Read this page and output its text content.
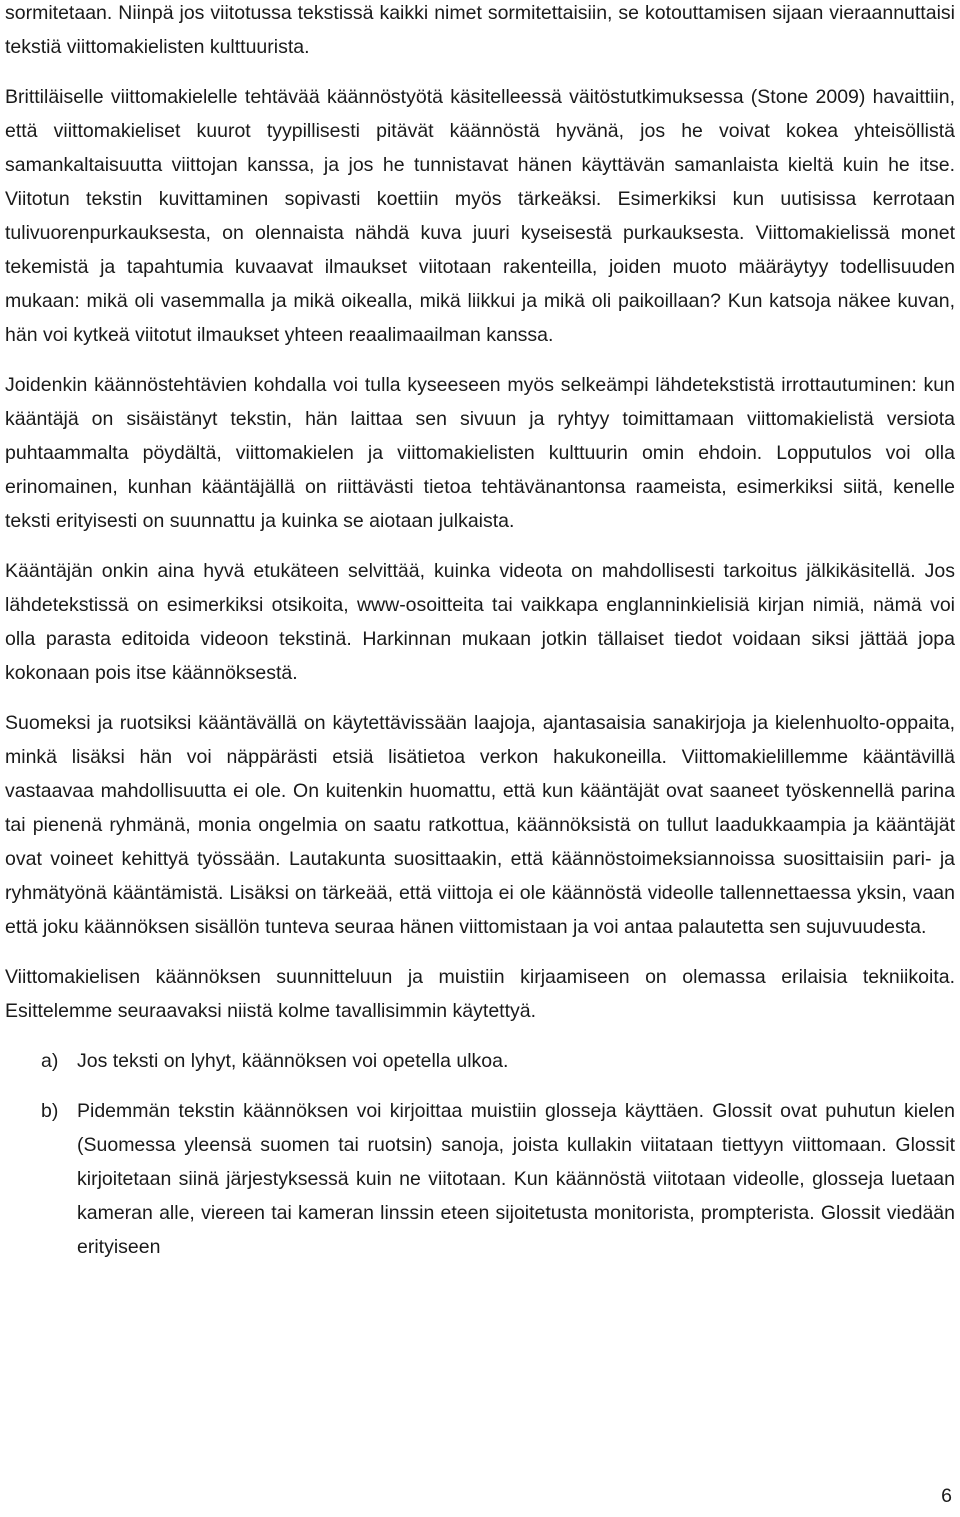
sormitetaan. Niinpä jos viitotussa tekstissä kaikki nimet sormitettaisiin, se kotouttamisen sijaan vieraannuttaisi tekstiä viittomakielisten kulttuurista.

Brittiläiselle viittomakielelle tehtävää käännöstyötä käsitelleessä väitöstutkimuksessa (Stone 2009) havaittiin, että viittomakieliset kuurot tyypillisesti pitävät käännöstä hyvänä, jos he voivat kokea yhteisöllistä samankaltaisuutta viittojan kanssa, ja jos he tunnistavat hänen käyttävän samanlaista kieltä kuin he itse. Viitotun tekstin kuvittaminen sopivasti koettiin myös tärkeäksi. Esimerkiksi kun uutisissa kerrotaan tulivuorenpurkauksesta, on olennaista nähdä kuva juuri kyseisestä purkauksesta. Viittomakielissä monet tekemistä ja tapahtumia kuvaavat ilmaukset viitotaan rakenteilla, joiden muoto määräytyy todellisuuden mukaan: mikä oli vasemmalla ja mikä oikealla, mikä liikkui ja mikä oli paikoillaan? Kun katsoja näkee kuvan, hän voi kytkeä viitotut ilmaukset yhteen reaalimaailman kanssa.

Joidenkin käännöstehtävien kohdalla voi tulla kyseeseen myös selkeämpi lähdetekstistä irrottautuminen: kun kääntäjä on sisäistänyt tekstin, hän laittaa sen sivuun ja ryhtyy toimittamaan viittomakielistä versiota puhtaammalta pöydältä, viittomakielen ja viittomakielisten kulttuurin omin ehdoin. Lopputulos voi olla erinomainen, kunhan kääntäjällä on riittävästi tietoa tehtävänantonsa raameista, esimerkiksi siitä, kenelle teksti erityisesti on suunnattu ja kuinka se aiotaan julkaista.

Kääntäjän onkin aina hyvä etukäteen selvittää, kuinka videota on mahdollisesti tarkoitus jälkikäsitellä. Jos lähdetekstissä on esimerkiksi otsikoita, www-osoitteita tai vaikkapa englanninkielisiä kirjan nimiä, nämä voi olla parasta editoida videoon tekstinä. Harkinnan mukaan jotkin tällaiset tiedot voidaan siksi jättää jopa kokonaan pois itse käännöksestä.

Suomeksi ja ruotsiksi kääntävällä on käytettävissään laajoja, ajantasaisia sanakirjoja ja kielenhuolto-oppaita, minkä lisäksi hän voi näppärästi etsiä lisätietoa verkon hakukoneilla. Viittomakielillemme kääntävillä vastaavaa mahdollisuutta ei ole. On kuitenkin huomattu, että kun kääntäjät ovat saaneet työskennellä parina tai pienenä ryhmänä, monia ongelmia on saatu ratkottua, käännöksistä on tullut laadukkaampia ja kääntäjät ovat voineet kehittyä työssään. Lautakunta suosittaakin, että käännöstoimeksiannoissa suosittaisiin pari- ja ryhmätyönä kääntämistä. Lisäksi on tärkeää, että viittoja ei ole käännöstä videolle tallennettaessa yksin, vaan että joku käännöksen sisällön tunteva seuraa hänen viittomistaan ja voi antaa palautetta sen sujuvuudesta.

Viittomakielisen käännöksen suunnitteluun ja muistiin kirjaamiseen on olemassa erilaisia tekniikoita. Esittelemme seuraavaksi niistä kolme tavallisimmin käytettyä.

a) Jos teksti on lyhyt, käännöksen voi opetella ulkoa.
b) Pidemmän tekstin käännöksen voi kirjoittaa muistiin glosseja käyttäen. Glossit ovat puhutun kielen (Suomessa yleensä suomen tai ruotsin) sanoja, joista kullakin viitataan tiettyyn viittomaan. Glossit kirjoitetaan siinä järjestyksessä kuin ne viitotaan. Kun käännöstä viitotaan videolle, glosseja luetaan kameran alle, viereen tai kameran linssin eteen sijoitetusta monitorista, prompterista. Glossit viedään erityiseen
6
